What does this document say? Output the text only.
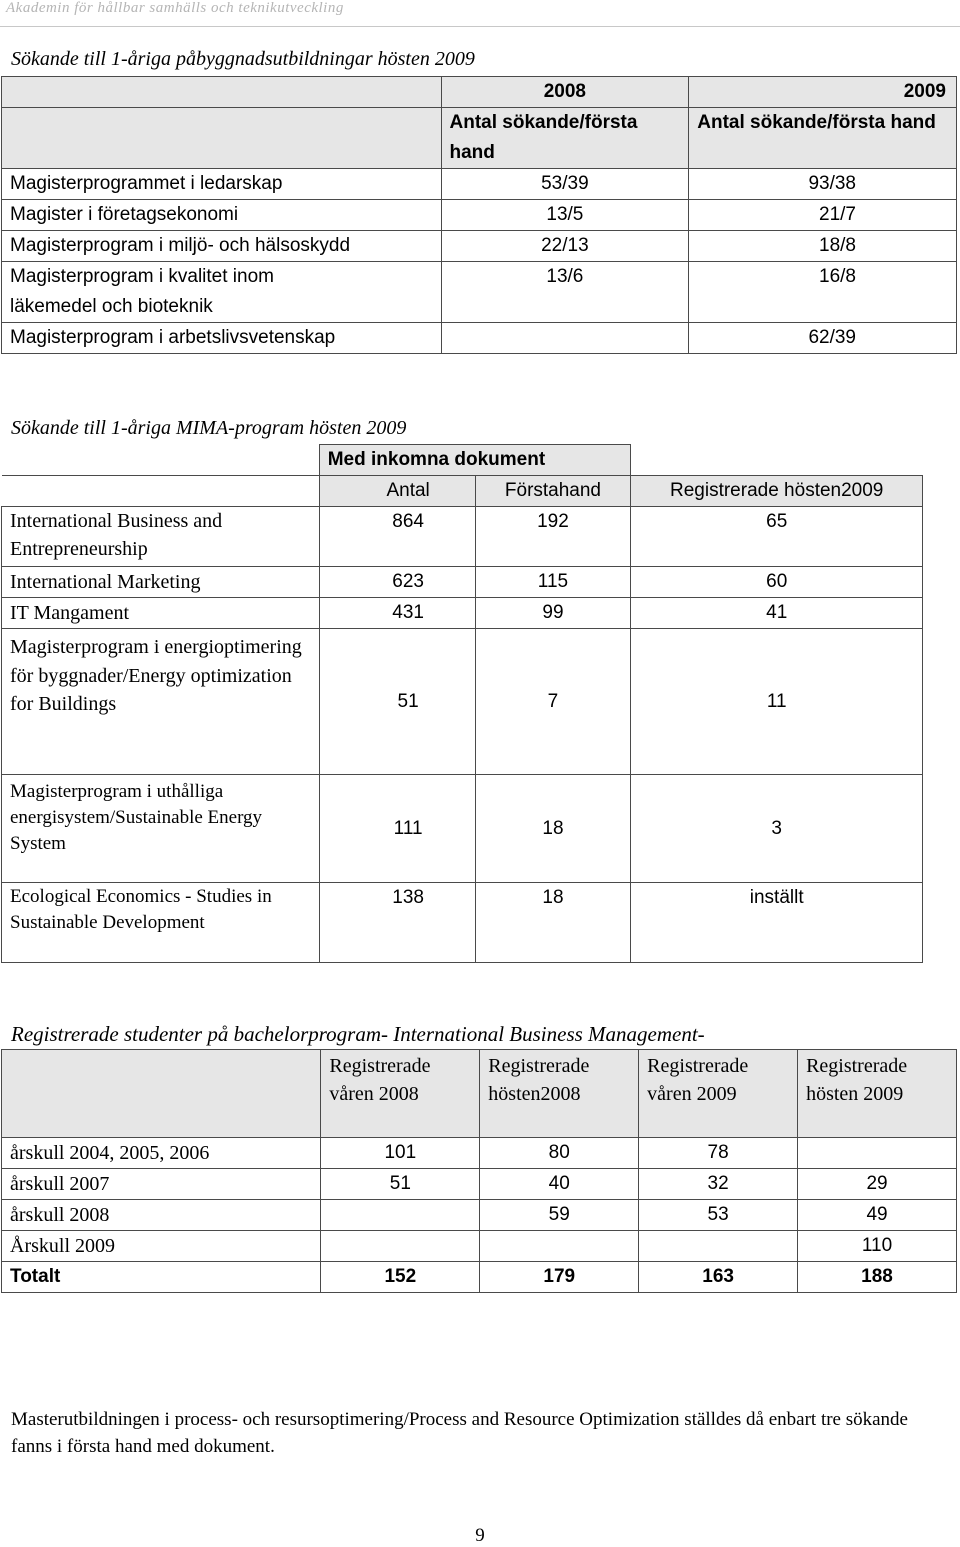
Akademin för hållbar samhälls och teknikutveckling
Sökande till 1-åriga påbyggnadsutbildningar hösten 2009
	2008	2009
	Antal sökande/första hand	Antal sökande/första hand
Magisterprogrammet i ledarskap	53/39	93/38
Magister i företagsekonomi	13/5	21/7
Magisterprogram i miljö- och hälsoskydd	22/13	18/8
Magisterprogram i kvalitet inom läkemedel och bioteknik	13/6	16/8
Magisterprogram i arbetslivsvetenskap		62/39
Sökande till 1-åriga MIMA-program hösten 2009
	Med inkomna dokument		
	Antal	Förstahand	Registrerade hösten2009
International Business and Entrepreneurship	864	192	65
International Marketing	623	115	60
IT Mangament	431	99	41
Magisterprogram i energioptimering för byggnader/Energy optimization for Buildings	51	7	11
Magisterprogram i uthålliga energisystem/Sustainable Energy System	111	18	3
Ecological Economics - Studies in Sustainable Development	138	18	inställt
Registrerade studenter på bachelorprogram- International Business Management-
	Registrerade våren 2008	Registrerade hösten2008	Registrerade våren 2009	Registrerade hösten 2009
årskull 2004, 2005, 2006	101	80	78	
årskull 2007	51	40	32	29
årskull 2008		59	53	49
Årskull 2009				110
Totalt	152	179	163	188
Masterutbildningen i process- och resursoptimering/Process and Resource Optimization ställdes då enbart tre sökande fanns i första hand med dokument.
9
